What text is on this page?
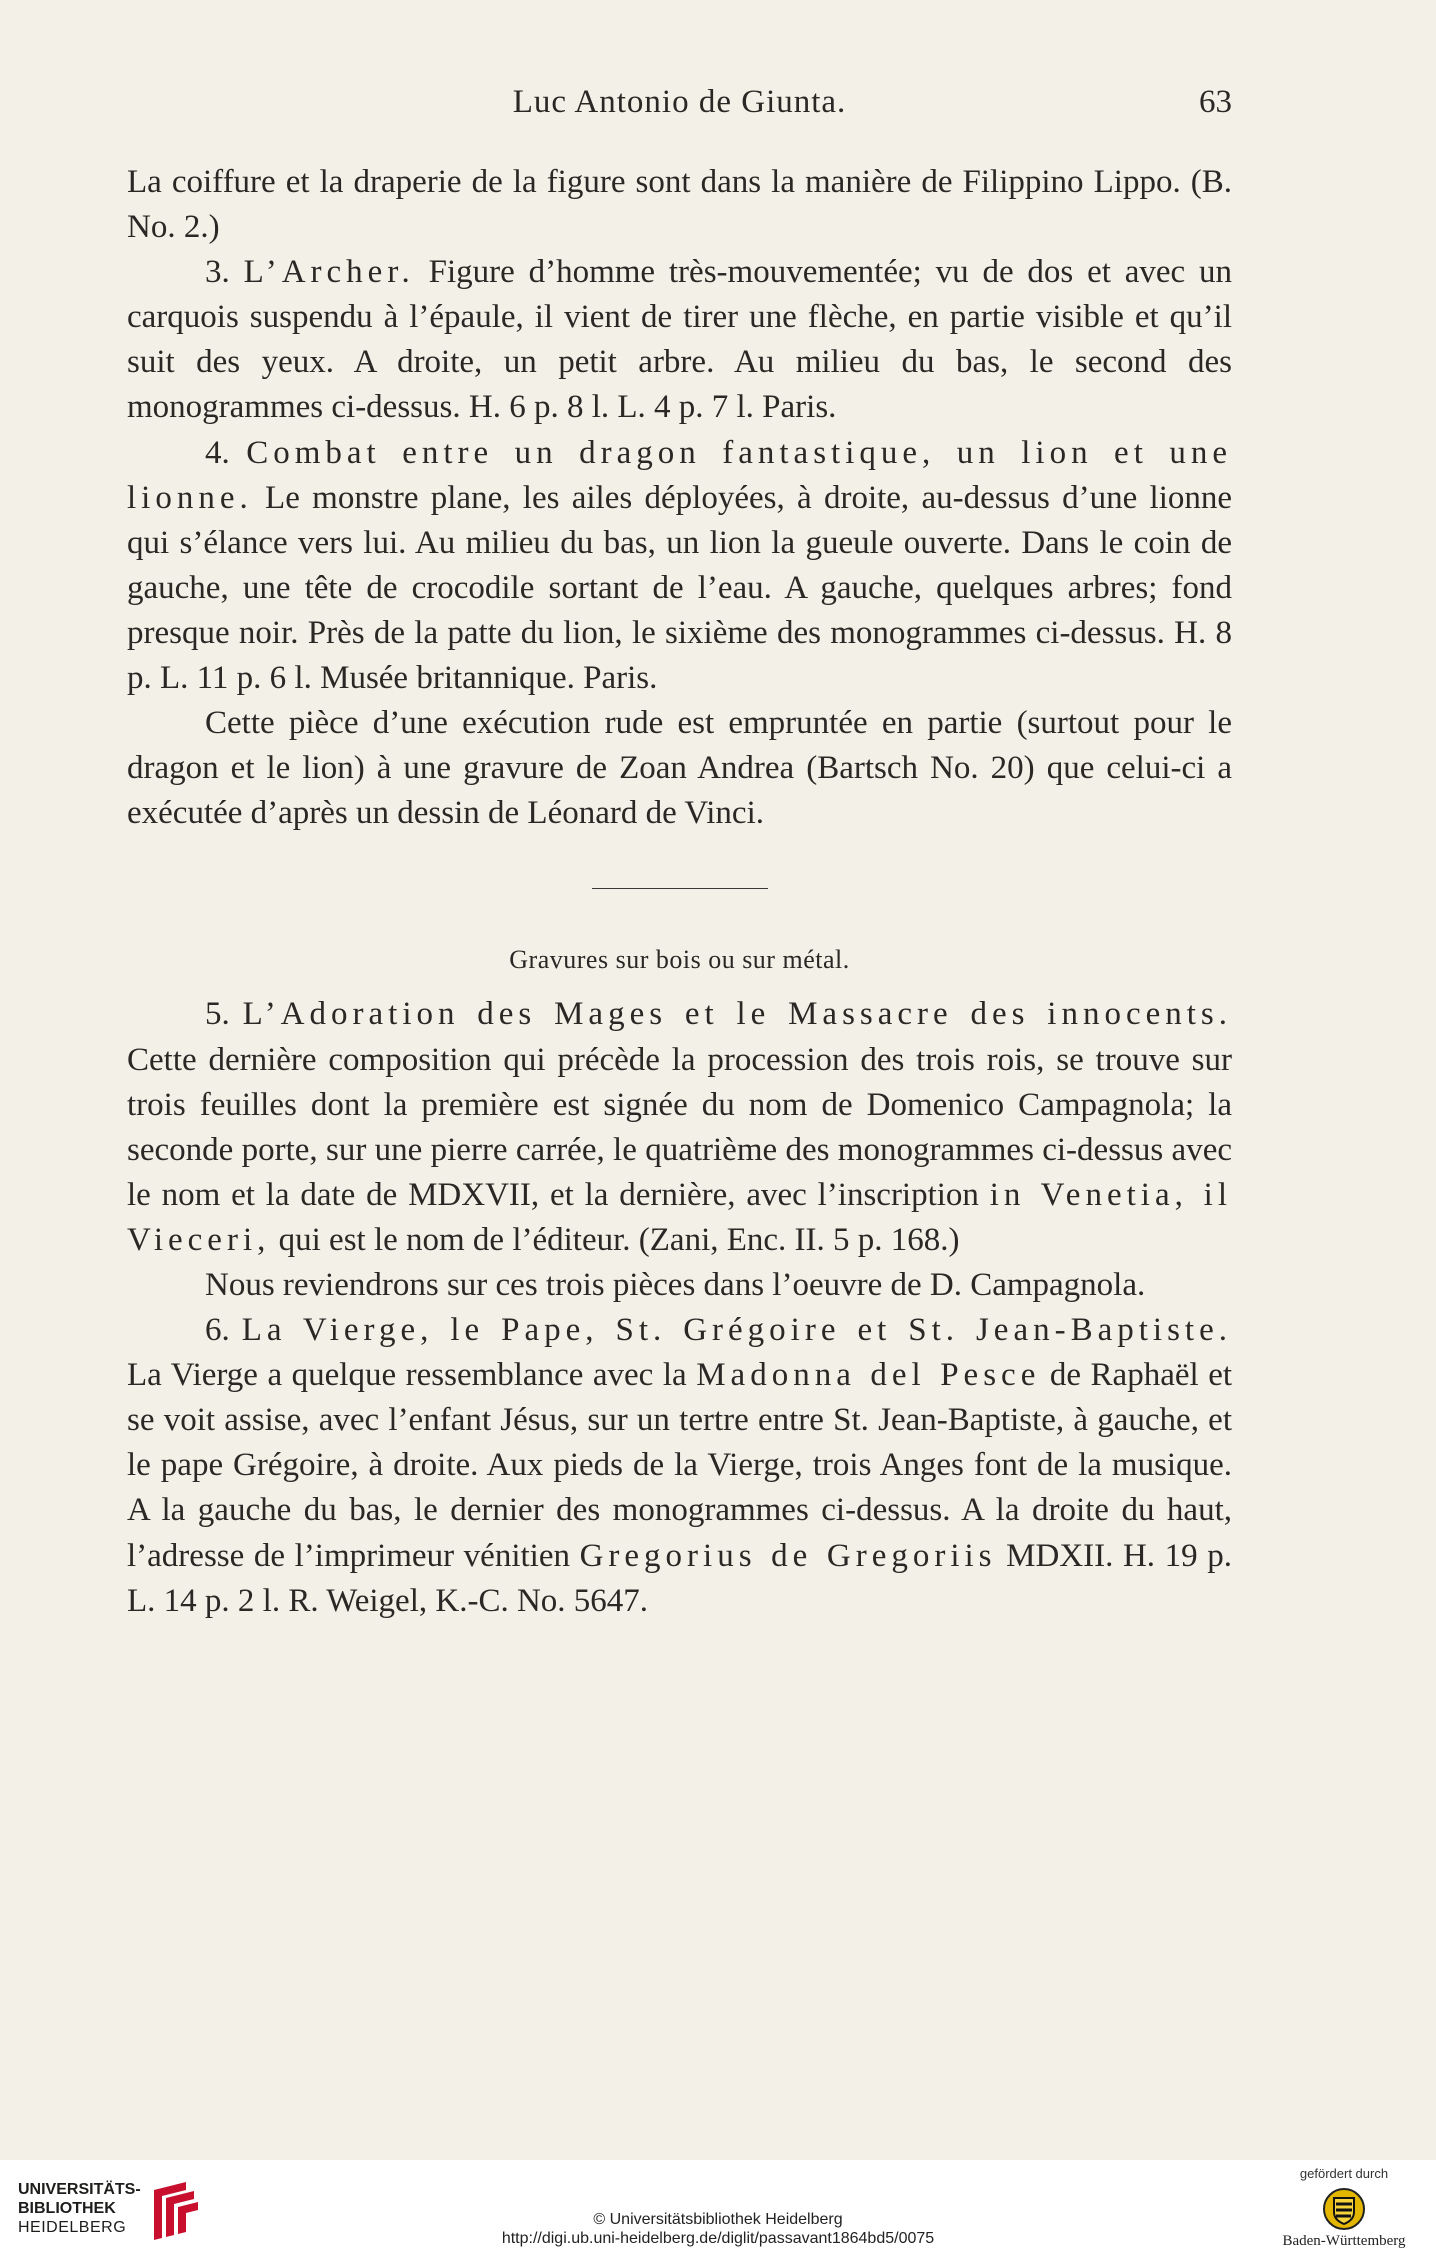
Luc Antonio de Giunta.	63

La coiffure et la draperie de la figure sont dans la manière de Filippino Lippo. (B. No. 2.)

3. L’Archer. Figure d’homme très-mouvementée; vu de dos et avec un carquois suspendu à l’épaule, il vient de tirer une flèche, en partie visible et qu’il suit des yeux. A droite, un petit arbre. Au milieu du bas, le second des monogrammes ci-dessus. H. 6 p. 8 l. L. 4 p. 7 l. Paris.

4. Combat entre un dragon fantastique, un lion et une lionne. Le monstre plane, les ailes déployées, à droite, au-dessus d’une lionne qui s’élance vers lui. Au milieu du bas, un lion la gueule ouverte. Dans le coin de gauche, une tête de crocodile sortant de l’eau. A gauche, quelques arbres; fond presque noir. Près de la patte du lion, le sixième des monogrammes ci-dessus. H. 8 p. L. 11 p. 6 l. Musée britannique. Paris.

Cette pièce d’une exécution rude est empruntée en partie (surtout pour le dragon et le lion) à une gravure de Zoan Andrea (Bartsch No. 20) que celui-ci a exécutée d’après un dessin de Léonard de Vinci.

Gravures sur bois ou sur métal.

5. L’Adoration des Mages et le Massacre des innocents. Cette dernière composition qui précède la procession des trois rois, se trouve sur trois feuilles dont la première est signée du nom de Domenico Campagnola; la seconde porte, sur une pierre carrée, le quatrième des monogrammes ci-dessus avec le nom et la date de MDXVII, et la dernière, avec l’inscription in Venetia, il Vieceri, qui est le nom de l’éditeur. (Zani, Enc. II. 5 p. 168.)

Nous reviendrons sur ces trois pièces dans l’oeuvre de D. Campagnola.

6. La Vierge, le Pape, St. Grégoire et St. Jean-Baptiste. La Vierge a quelque ressemblance avec la Madonna del Pesce de Raphaël et se voit assise, avec l’enfant Jésus, sur un tertre entre St. Jean-Baptiste, à gauche, et le pape Grégoire, à droite. Aux pieds de la Vierge, trois Anges font de la musique. A la gauche du bas, le dernier des monogrammes ci-dessus. A la droite du haut, l’adresse de l’imprimeur vénitien Gregorius de Gregoriis MDXII. H. 19 p. L. 14 p. 2 l. R. Weigel, K.-C. No. 5647.

UNIVERSITÄTS-
BIBLIOTHEK
HEIDELBERG	© Universitätsbibliothek Heidelberg
http://digi.ub.uni-heidelberg.de/diglit/passavant1864bd5/0075
gefördert durch
Baden-Württemberg
